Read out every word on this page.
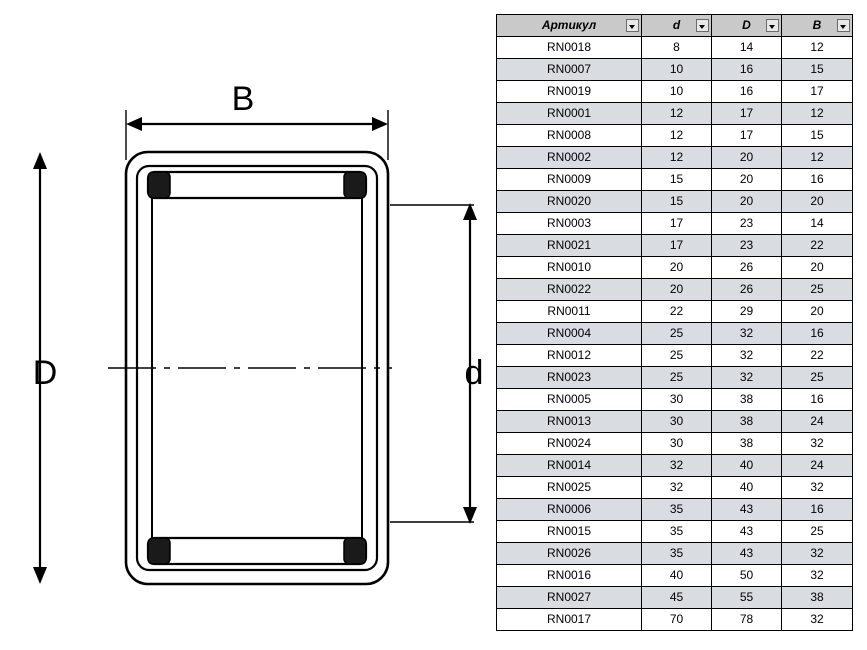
B
D	d
Артикул	d	D	B

RN0018	8	14	12
RN0007	10	16	15
RN0019	10	16	17
RN0001	12	17	12
RN0008	12	17	15
RN0002	12	20	12
RN0009	15	20	16
RN0020	15	20	20
RN0003	17	23	14
RN0021	17	23	22
RN0010	20	26	20
RN0022	20	26	25
RN0011	22	29	20
RN0004	25	32	16
RN0012	25	32	22
RN0023	25	32	25
RN0005	30	38	16
RN0013	30	38	24
RN0024	30	38	32
RN0014	32	40	24
RN0025	32	40	32
RN0006	35	43	16
RN0015	35	43	25
RN0026	35	43	32
RN0016	40	50	32
RN0027	45	55	38
RN0017	70	78	32
